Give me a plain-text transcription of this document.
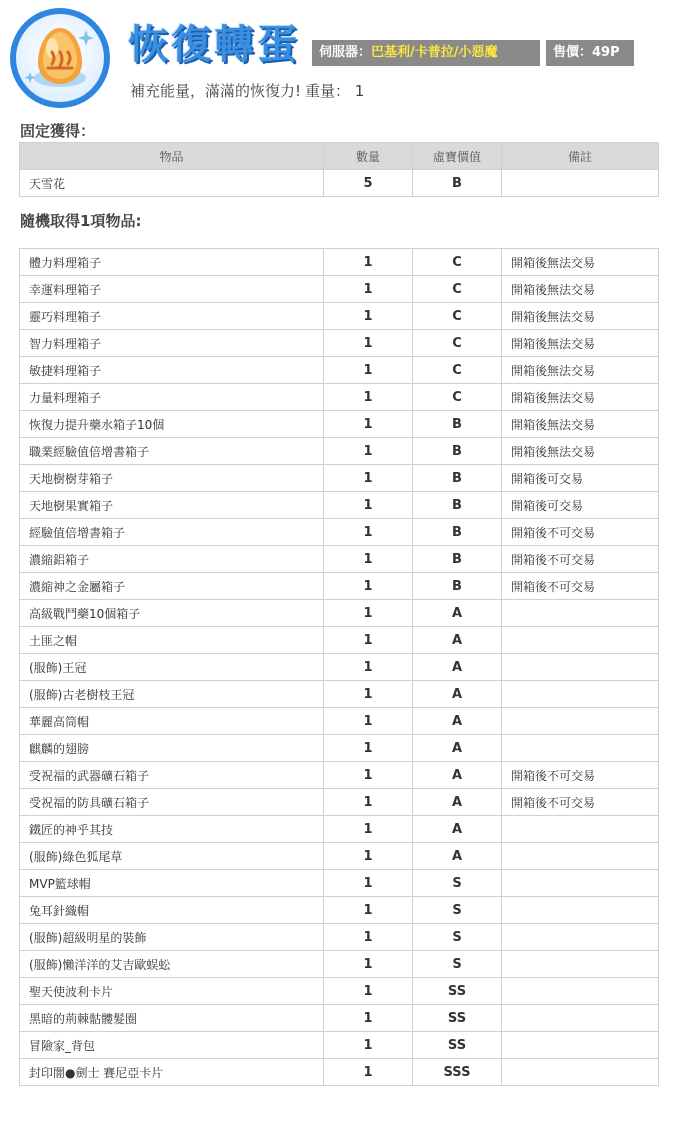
恢復轉蛋	伺服器：巴基利/卡普拉/小惡魔	售價：49P
補充能量，滿滿的恢復力! 重量： 1
固定獲得：
物品	數量	虛寶價值	備註
天雪花	5	B	
隨機取得1項物品:
體力料理箱子	1	C	開箱後無法交易
幸運料理箱子	1	C	開箱後無法交易
靈巧料理箱子	1	C	開箱後無法交易
智力料理箱子	1	C	開箱後無法交易
敏捷料理箱子	1	C	開箱後無法交易
力量料理箱子	1	C	開箱後無法交易
恢復力提升藥水箱子10個	1	B	開箱後無法交易
職業經驗值倍增書箱子	1	B	開箱後無法交易
天地樹樹芽箱子	1	B	開箱後可交易
天地樹果實箱子	1	B	開箱後可交易
經驗值倍增書箱子	1	B	開箱後不可交易
濃縮鋁箱子	1	B	開箱後不可交易
濃縮神之金屬箱子	1	B	開箱後不可交易
高級戰鬥藥10個箱子	1	A	
土匪之帽	1	A	
(服飾)王冠	1	A	
(服飾)古老樹枝王冠	1	A	
華麗高筒帽	1	A	
麒麟的翅膀	1	A	
受祝福的武器礦石箱子	1	A	開箱後不可交易
受祝福的防具礦石箱子	1	A	開箱後不可交易
鐵匠的神乎其技	1	A	
(服飾)綠色狐尾草	1	A	
MVP籃球帽	1	S	
兔耳針織帽	1	S	
(服飾)超級明星的裝飾	1	S	
(服飾)懶洋洋的艾吉歐蜈蚣	1	S	
聖天使波利卡片	1	SS	
黑暗的荊棘骷髏髮圈	1	SS	
冒險家_背包	1	SS	
封印闇●劍士 賽尼亞卡片	1	SSS	
